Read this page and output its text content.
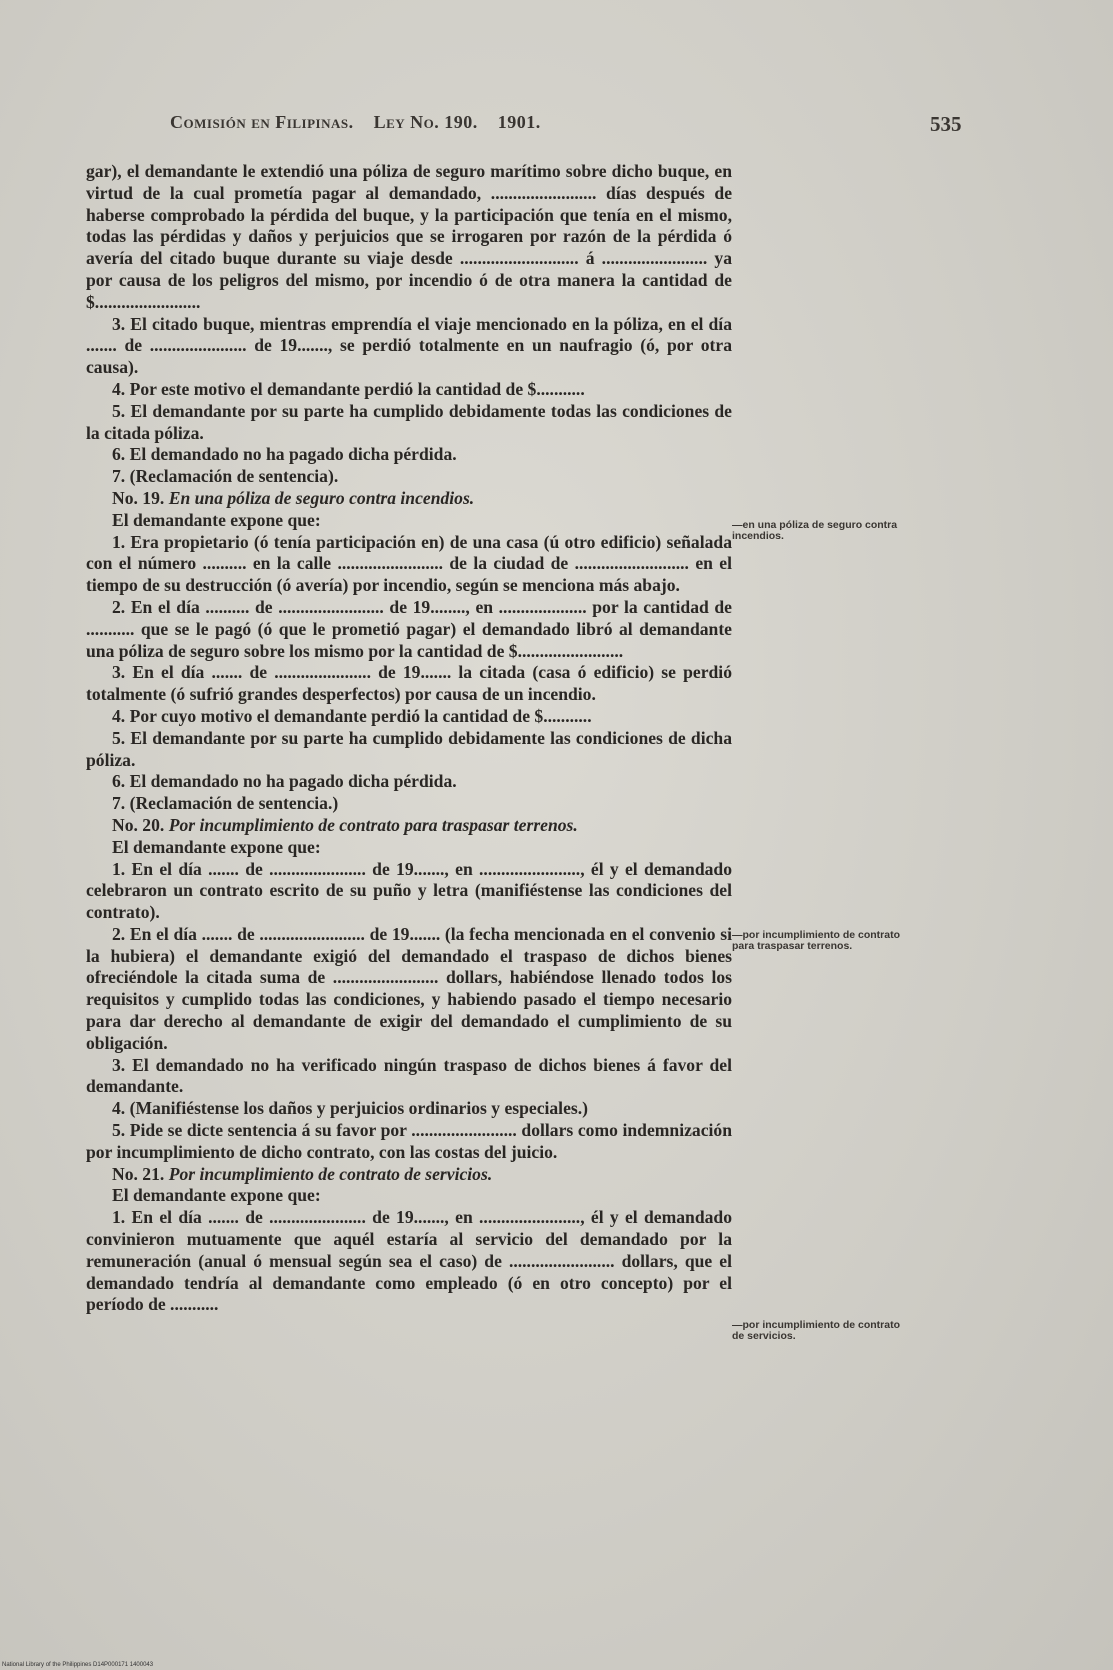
Comisión en Filipinas. Ley No. 190. 1901.	535

gar), el demandante le extendió una póliza de seguro marítimo sobre dicho buque, en virtud de la cual prometía pagar al demandado, ........................ días después de haberse comprobado la pérdida del buque, y la participación que tenía en el mismo, todas las pérdidas y daños y perjuicios que se irrogaren por razón de la pérdida ó avería del citado buque durante su viaje desde ........................... á ........................ ya por causa de los peligros del mismo, por incendio ó de otra manera la cantidad de $........................

3. El citado buque, mientras emprendía el viaje mencionado en la póliza, en el día ....... de ...................... de 19......., se perdió totalmente en un naufragio (ó, por otra causa).

4. Por este motivo el demandante perdió la cantidad de $...........

5. El demandante por su parte ha cumplido debidamente todas las condiciones de la citada póliza.

6. El demandado no ha pagado dicha pérdida.

7. (Reclamación de sentencia).

No. 19. En una póliza de seguro contra incendios.

El demandante expone que:

1. Era propietario (ó tenía participación en) de una casa (ú otro edificio) señalada con el número .......... en la calle ........................ de la ciudad de .......................... en el tiempo de su destrucción (ó avería) por incendio, según se menciona más abajo.

2. En el día .......... de ........................ de 19........, en .................... por la cantidad de ........... que se le pagó (ó que le prometió pagar) el demandado libró al demandante una póliza de seguro sobre los mismo por la cantidad de $........................

3. En el día ....... de ...................... de 19....... la citada (casa ó edificio) se perdió totalmente (ó sufrió grandes desperfectos) por causa de un incendio.

4. Por cuyo motivo el demandante perdió la cantidad de $...........

5. El demandante por su parte ha cumplido debidamente las condiciones de dicha póliza.

6. El demandado no ha pagado dicha pérdida.

7. (Reclamación de sentencia.)

No. 20. Por incumplimiento de contrato para traspasar terrenos.

El demandante expone que:

1. En el día ....... de ...................... de 19......., en ......................., él y el demandado celebraron un contrato escrito de su puño y letra (manifiéstense las condiciones del contrato).

2. En el día ....... de ........................ de 19....... (la fecha mencionada en el convenio si la hubiera) el demandante exigió del demandado el traspaso de dichos bienes ofreciéndole la citada suma de ........................ dollars, habiéndose llenado todos los requisitos y cumplido todas las condiciones, y habiendo pasado el tiempo necesario para dar derecho al demandante de exigir del demandado el cumplimiento de su obligación.

3. El demandado no ha verificado ningún traspaso de dichos bienes á favor del demandante.

4. (Manifiéstense los daños y perjuicios ordinarios y especiales.)

5. Pide se dicte sentencia á su favor por ........................ dollars como indemnización por incumplimiento de dicho contrato, con las costas del juicio.

No. 21. Por incumplimiento de contrato de servicios.

El demandante expone que:

1. En el día ....... de ...................... de 19......., en ......................., él y el demandado convinieron mutuamente que aquél estaría al servicio del demandado por la remuneración (anual ó mensual según sea el caso) de ........................ dollars, que el demandado tendría al demandante como empleado (ó en otro concepto) por el período de ...........

—en una póliza de seguro contra incendios.
—por incumplimiento de contrato para traspasar terrenos.
—por incumplimiento de contrato de servicios.
National Library of the Philippines D14P000171 1400043
